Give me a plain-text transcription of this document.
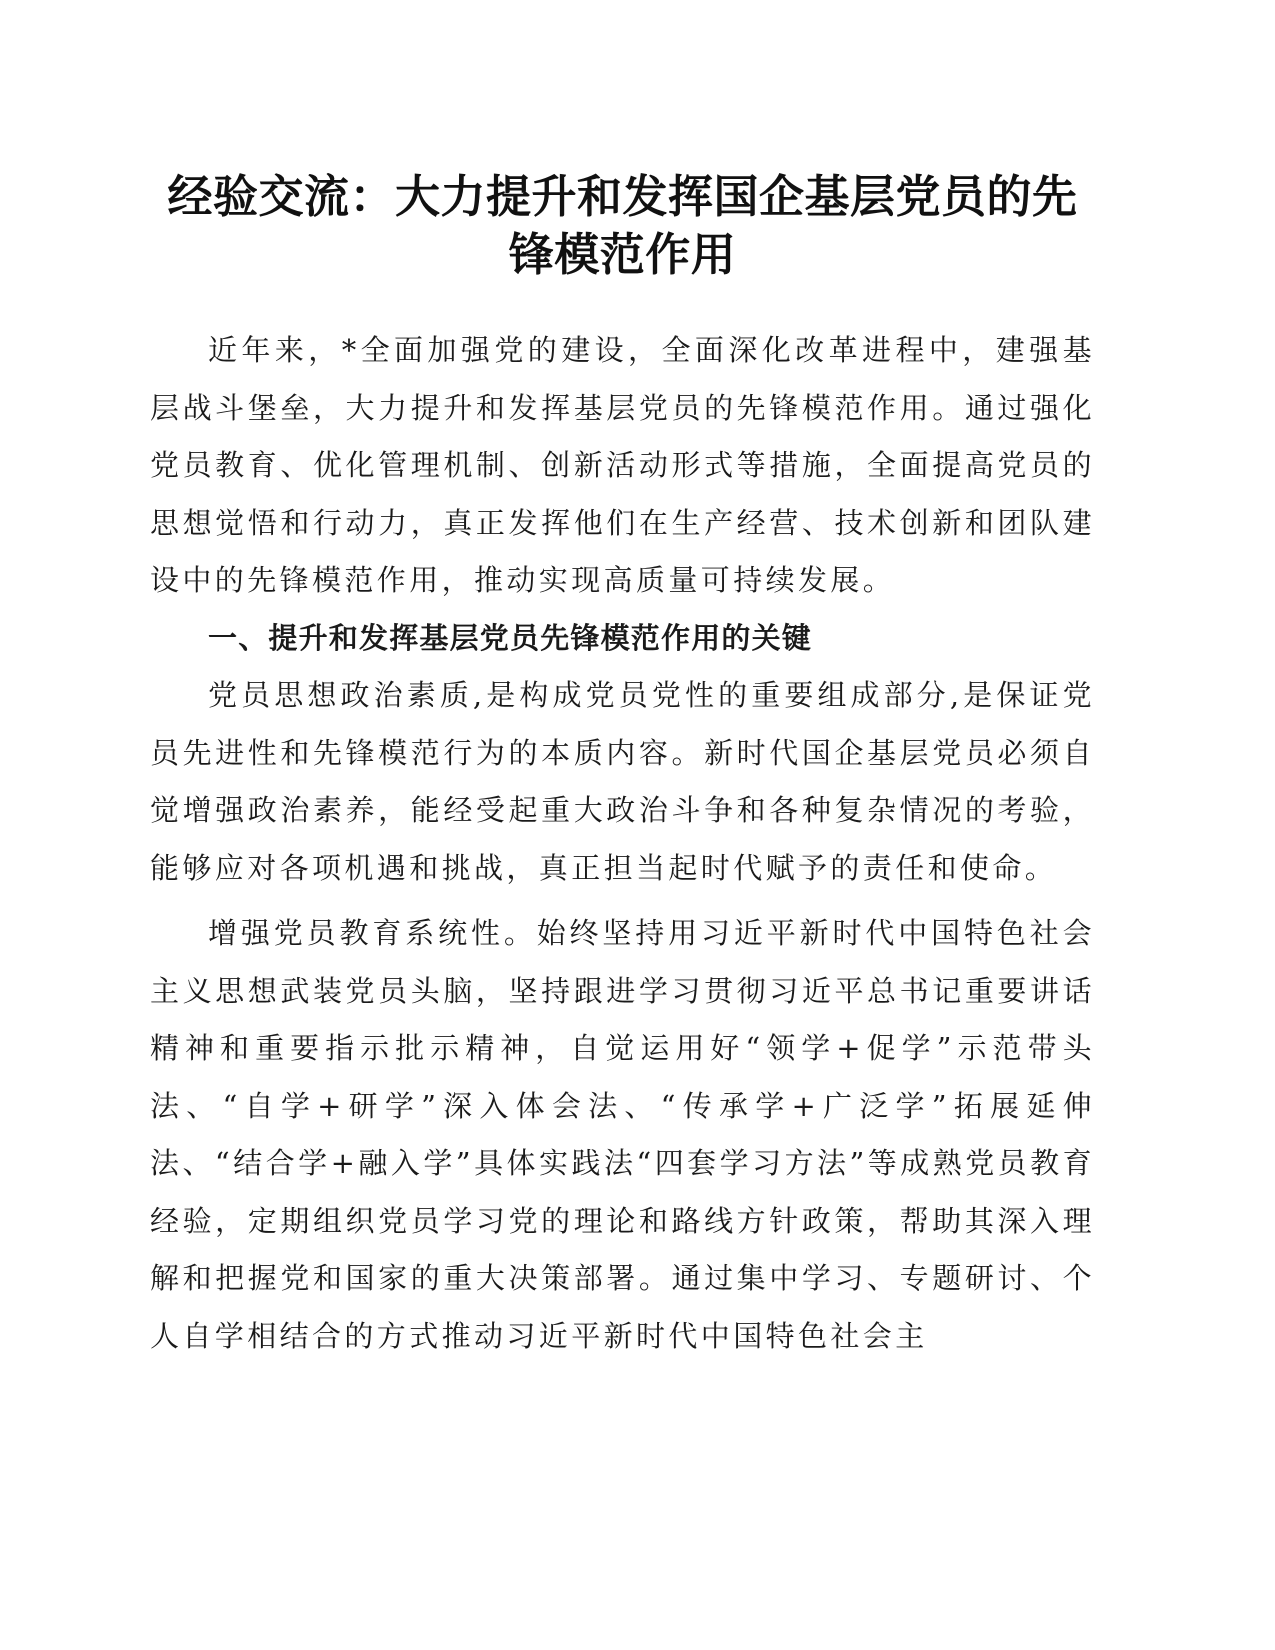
经验交流：大力提升和发挥国企基层党员的先锋模范作用

近年来，*全面加强党的建设，全面深化改革进程中，建强基层战斗堡垒，大力提升和发挥基层党员的先锋模范作用。通过强化党员教育、优化管理机制、创新活动形式等措施，全面提高党员的思想觉悟和行动力，真正发挥他们在生产经营、技术创新和团队建设中的先锋模范作用，推动实现高质量可持续发展。

一、提升和发挥基层党员先锋模范作用的关键

党员思想政治素质,是构成党员党性的重要组成部分,是保证党员先进性和先锋模范行为的本质内容。新时代国企基层党员必须自觉增强政治素养，能经受起重大政治斗争和各种复杂情况的考验，能够应对各项机遇和挑战，真正担当起时代赋予的责任和使命。

增强党员教育系统性。始终坚持用习近平新时代中国特色社会主义思想武装党员头脑，坚持跟进学习贯彻习近平总书记重要讲话精神和重要指示批示精神，自觉运用好“领学+促学”示范带头法、“自学+研学”深入体会法、“传承学+广泛学”拓展延伸法、“结合学+融入学”具体实践法“四套学习方法”等成熟党员教育经验，定期组织党员学习党的理论和路线方针政策，帮助其深入理解和把握党和国家的重大决策部署。通过集中学习、专题研讨、个人自学相结合的方式推动习近平新时代中国特色社会主
